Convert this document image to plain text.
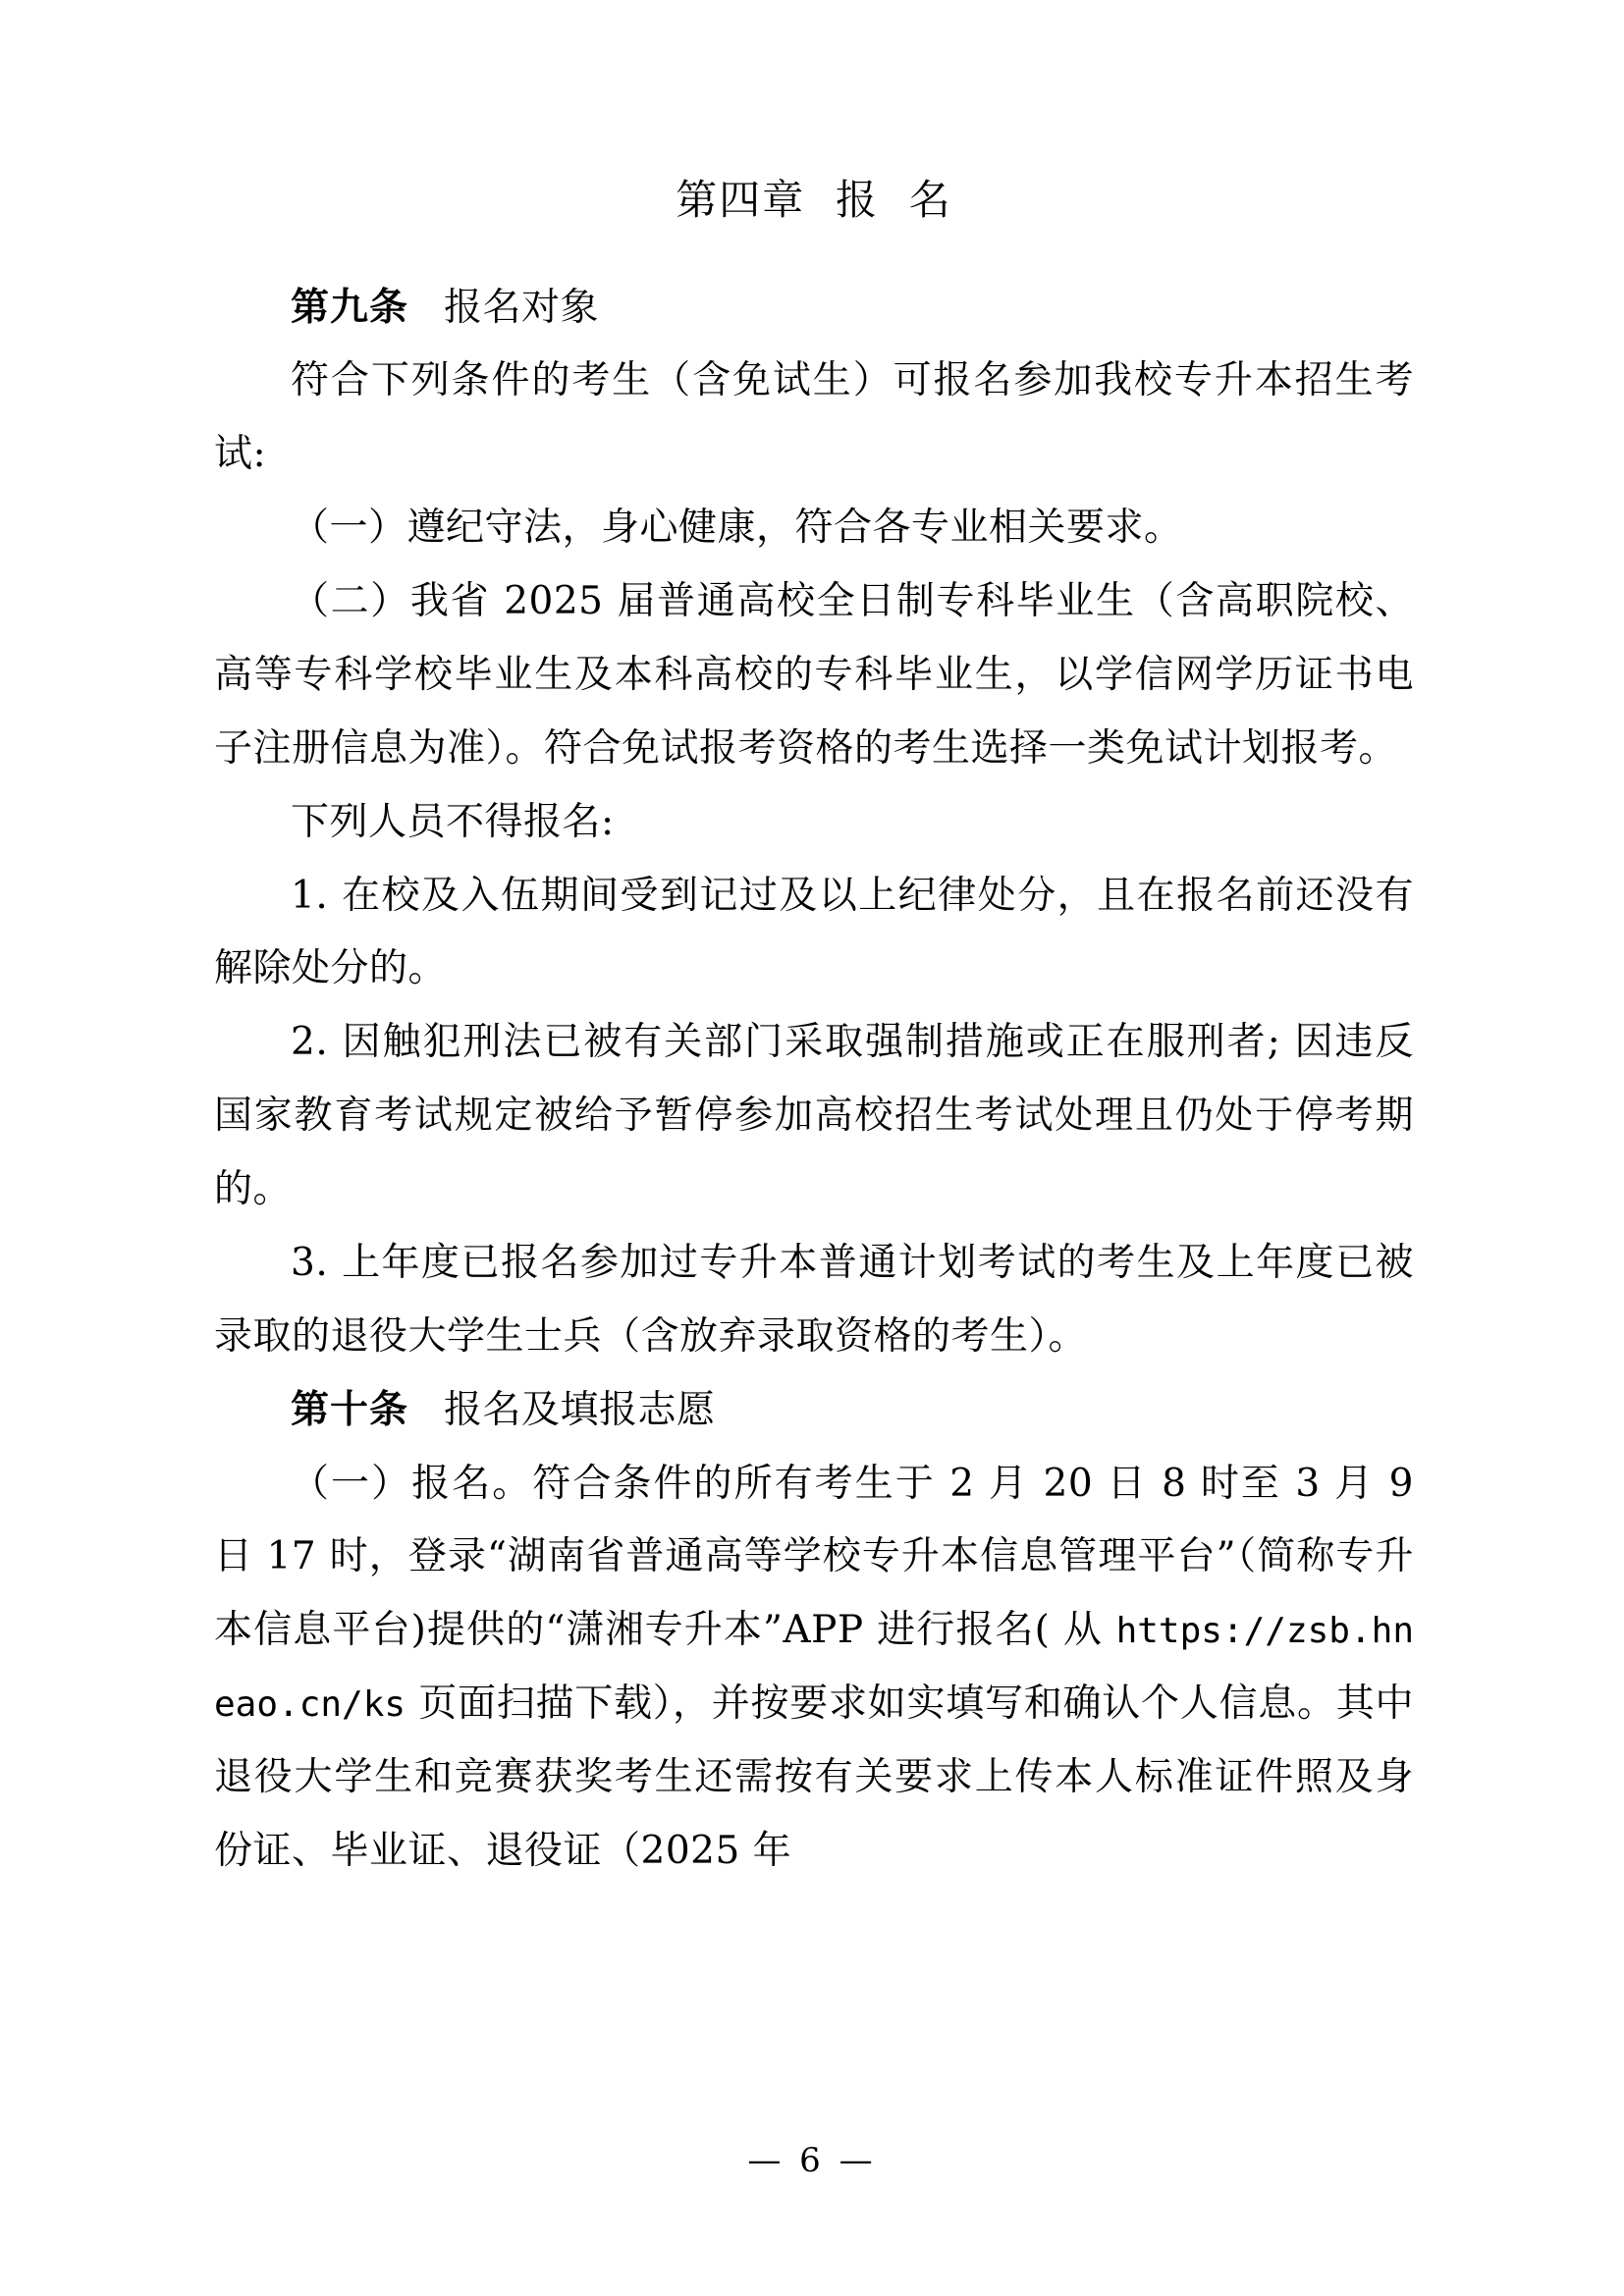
第四章  报  名

第九条 报名对象

符合下列条件的考生（含免试生）可报名参加我校专升本招生考试:

（一）遵纪守法，身心健康，符合各专业相关要求。

（二）我省 2025 届普通高校全日制专科毕业生（含高职院校、高等专科学校毕业生及本科高校的专科毕业生，以学信网学历证书电子注册信息为准）。符合免试报考资格的考生选择一类免试计划报考。

下列人员不得报名:

1. 在校及入伍期间受到记过及以上纪律处分，且在报名前还没有解除处分的。

2. 因触犯刑法已被有关部门采取强制措施或正在服刑者; 因违反国家教育考试规定被给予暂停参加高校招生考试处理且仍处于停考期的。

3. 上年度已报名参加过专升本普通计划考试的考生及上年度已被录取的退役大学生士兵（含放弃录取资格的考生）。

第十条 报名及填报志愿

（一）报名。符合条件的所有考生于 2 月 20 日 8 时至 3 月 9 日 17 时，登录“湖南省普通高等学校专升本信息管理平台”（简称专升本信息平台)提供的“潇湘专升本”APP 进行报名( 从 https://zsb.hneao.cn/ks 页面扫描下载），并按要求如实填写和确认个人信息。其中退役大学生和竞赛获奖考生还需按有关要求上传本人标准证件照及身份证、毕业证、退役证（2025 年

— 6 —
